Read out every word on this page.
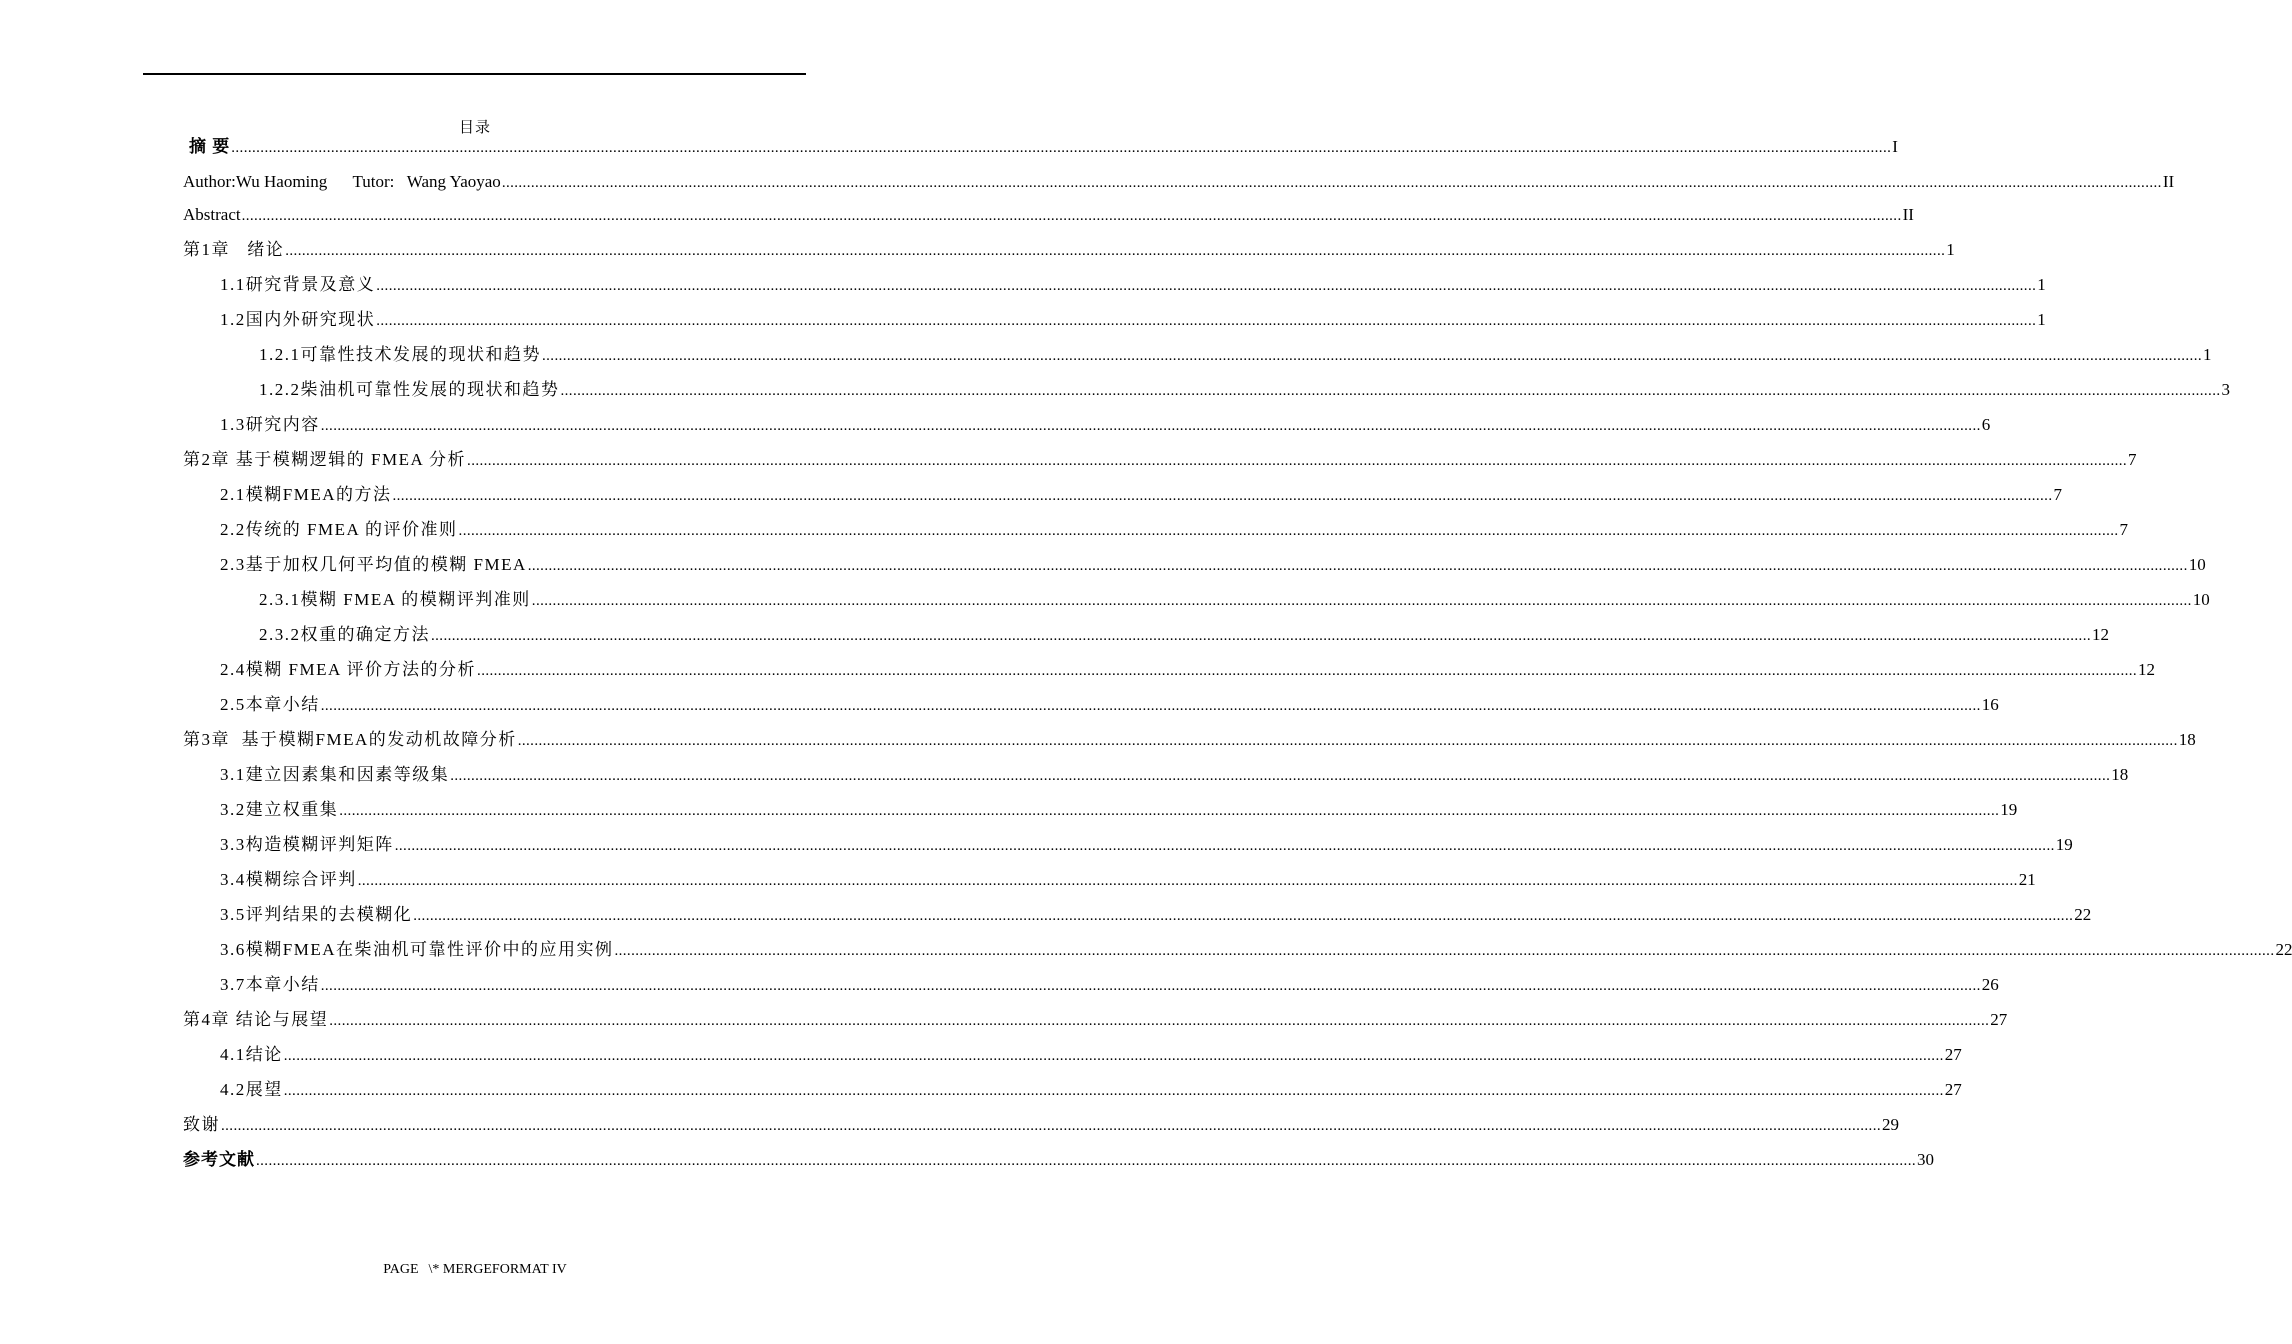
目录
摘 要 ................................................................................................................................................................................................................................................................................................................................................................................................................ I
Author:Wu Haoming      Tutor:   Wang Yaoyao ................................................................................................................................................................................................................................................................................................................................................................................................................ II
Abstract ................................................................................................................................................................................................................................................................................................................................................................................................................ II
第1章   绪论 ................................................................................................................................................................................................................................................................................................................................................................................................................ 1
1.1研究背景及意义 ................................................................................................................................................................................................................................................................................................................................................................................................................ 1
1.2国内外研究现状 ................................................................................................................................................................................................................................................................................................................................................................................................................ 1
1.2.1可靠性技术发展的现状和趋势 ................................................................................................................................................................................................................................................................................................................................................................................................................ 1
1.2.2柴油机可靠性发展的现状和趋势 ................................................................................................................................................................................................................................................................................................................................................................................................................ 3
1.3研究内容 ................................................................................................................................................................................................................................................................................................................................................................................................................ 6
第2章 基于模糊逻辑的 FMEA 分析 ................................................................................................................................................................................................................................................................................................................................................................................................................ 7
2.1模糊FMEA的方法 ................................................................................................................................................................................................................................................................................................................................................................................................................ 7
2.2传统的 FMEA 的评价准则 ................................................................................................................................................................................................................................................................................................................................................................................................................ 7
2.3基于加权几何平均值的模糊 FMEA ................................................................................................................................................................................................................................................................................................................................................................................................................ 10
2.3.1模糊 FMEA 的模糊评判准则 ................................................................................................................................................................................................................................................................................................................................................................................................................ 10
2.3.2权重的确定方法 ................................................................................................................................................................................................................................................................................................................................................................................................................ 12
2.4模糊 FMEA 评价方法的分析 ................................................................................................................................................................................................................................................................................................................................................................................................................ 12
2.5本章小结 ................................................................................................................................................................................................................................................................................................................................................................................................................ 16
第3章  基于模糊FMEA的发动机故障分析 ................................................................................................................................................................................................................................................................................................................................................................................................................ 18
3.1建立因素集和因素等级集 ................................................................................................................................................................................................................................................................................................................................................................................................................ 18
3.2建立权重集 ................................................................................................................................................................................................................................................................................................................................................................................................................ 19
3.3构造模糊评判矩阵 ................................................................................................................................................................................................................................................................................................................................................................................................................ 19
3.4模糊综合评判 ................................................................................................................................................................................................................................................................................................................................................................................................................ 21
3.5评判结果的去模糊化 ................................................................................................................................................................................................................................................................................................................................................................................................................ 22
3.6模糊FMEA在柴油机可靠性评价中的应用实例 ................................................................................................................................................................................................................................................................................................................................................................................................................ 22
3.7本章小结 ................................................................................................................................................................................................................................................................................................................................................................................................................ 26
第4章 结论与展望 ................................................................................................................................................................................................................................................................................................................................................................................................................ 27
4.1结论 ................................................................................................................................................................................................................................................................................................................................................................................................................ 27
4.2展望 ................................................................................................................................................................................................................................................................................................................................................................................................................ 27
致谢 ................................................................................................................................................................................................................................................................................................................................................................................................................ 29
参考文献 ................................................................................................................................................................................................................................................................................................................................................................................................................ 30
PAGE \* MERGEFORMAT IV
